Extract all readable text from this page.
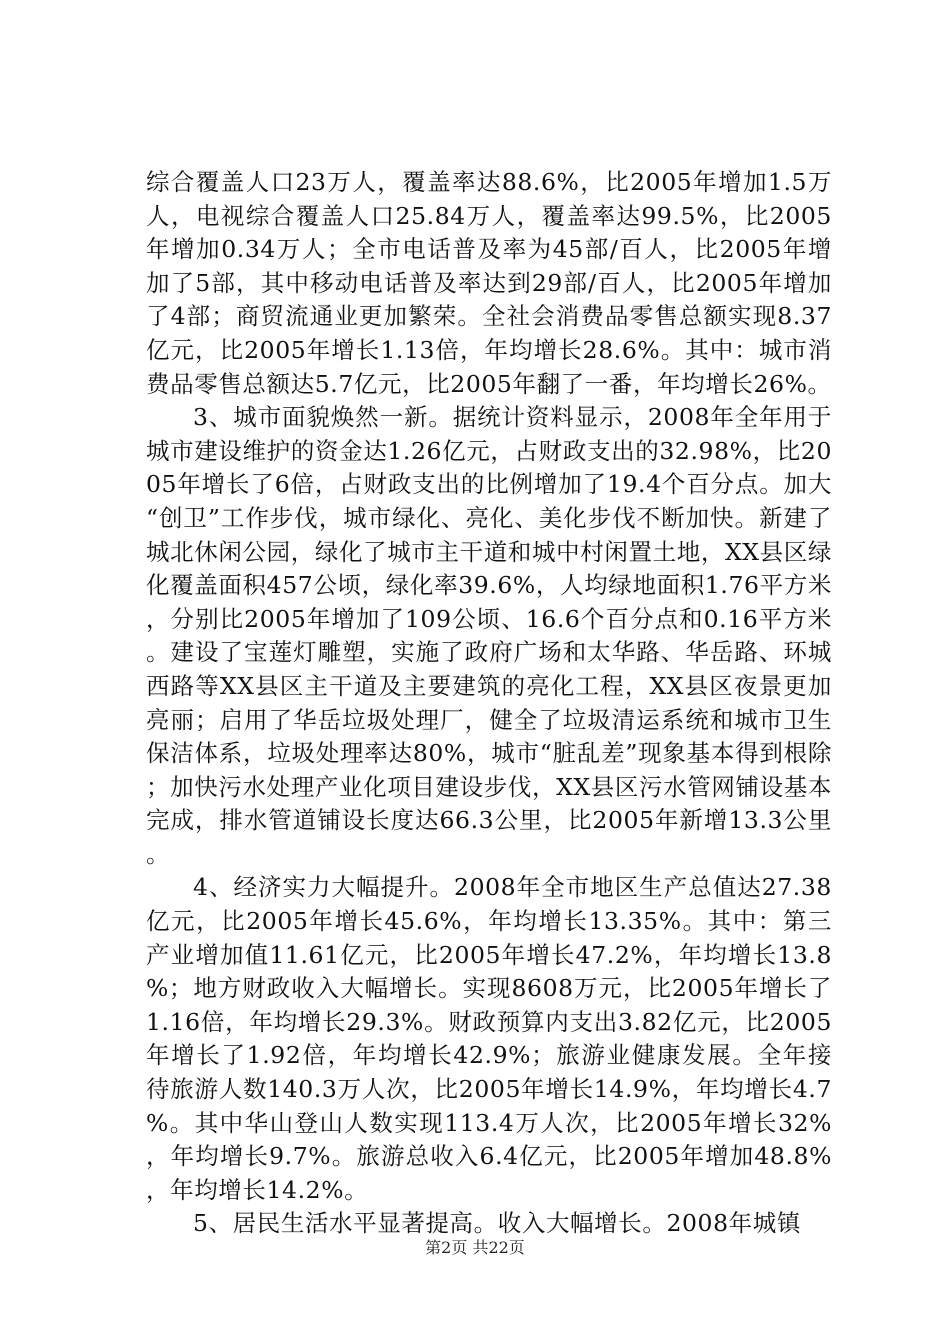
综合覆盖人口23万人，覆盖率达88.6%，比2005年增加1.5万人，电视综合覆盖人口25.84万人，覆盖率达99.5%，比2005年增加0.34万人；全市电话普及率为45部/百人，比2005年增加了5部，其中移动电话普及率达到29部/百人，比2005年增加了4部；商贸流通业更加繁荣。全社会消费品零售总额实现8.37亿元，比2005年增长1.13倍，年均增长28.6%。其中：城市消费品零售总额达5.7亿元，比2005年翻了一番，年均增长26%。

3、城市面貌焕然一新。据统计资料显示，2008年全年用于城市建设维护的资金达1.26亿元，占财政支出的32.98%，比2005年增长了6倍，占财政支出的比例增加了19.4个百分点。加大“创卫”工作步伐，城市绿化、亮化、美化步伐不断加快。新建了城北休闲公园，绿化了城市主干道和城中村闲置土地，XX县区绿化覆盖面积457公顷，绿化率39.6%，人均绿地面积1.76平方米，分别比2005年增加了109公顷、16.6个百分点和0.16平方米。建设了宝莲灯雕塑，实施了政府广场和太华路、华岳路、环城西路等XX县区主干道及主要建筑的亮化工程，XX县区夜景更加亮丽；启用了华岳垃圾处理厂，健全了垃圾清运系统和城市卫生保洁体系，垃圾处理率达80%，城市“脏乱差”现象基本得到根除；加快污水处理产业化项目建设步伐，XX县区污水管网铺设基本完成，排水管道铺设长度达66.3公里，比2005年新增13.3公里。

4、经济实力大幅提升。2008年全市地区生产总值达27.38亿元，比2005年增长45.6%，年均增长13.35%。其中：第三产业增加值11.61亿元，比2005年增长47.2%，年均增长13.8%；地方财政收入大幅增长。实现8608万元，比2005年增长了1.16倍，年均增长29.3%。财政预算内支出3.82亿元，比2005年增长了1.92倍，年均增长42.9%；旅游业健康发展。全年接待旅游人数140.3万人次，比2005年增长14.9%，年均增长4.7%。其中华山登山人数实现113.4万人次，比2005年增长32%，年均增长9.7%。旅游总收入6.4亿元，比2005年增加48.8%，年均增长14.2%。

5、居民生活水平显著提高。收入大幅增长。2008年城镇

第2页 共22页
